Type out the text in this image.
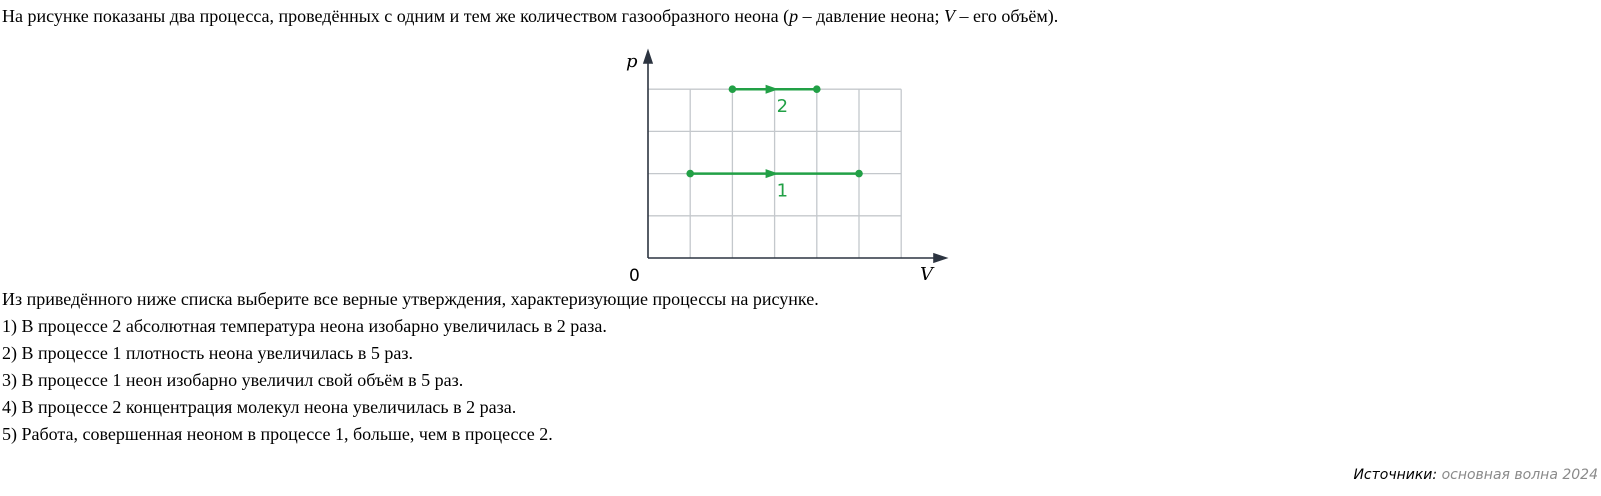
На рисунке показаны два процесса, проведённых с одним и тем же количеством газообразного неона (p – давление неона; V – его объём).
p
V
0
1
2
Из приведённого ниже списка выберите все верные утверждения, характеризующие процессы на рисунке.
1) В процессе 2 абсолютная температура неона изобарно увеличилась в 2 раза.
2) В процессе 1 плотность неона увеличилась в 5 раз.
3) В процессе 1 неон изобарно увеличил свой объём в 5 раз.
4) В процессе 2 концентрация молекул неона увеличилась в 2 раза.
5) Работа, совершенная неоном в процессе 1, больше, чем в процессе 2.
Источники: основная волна 2024
